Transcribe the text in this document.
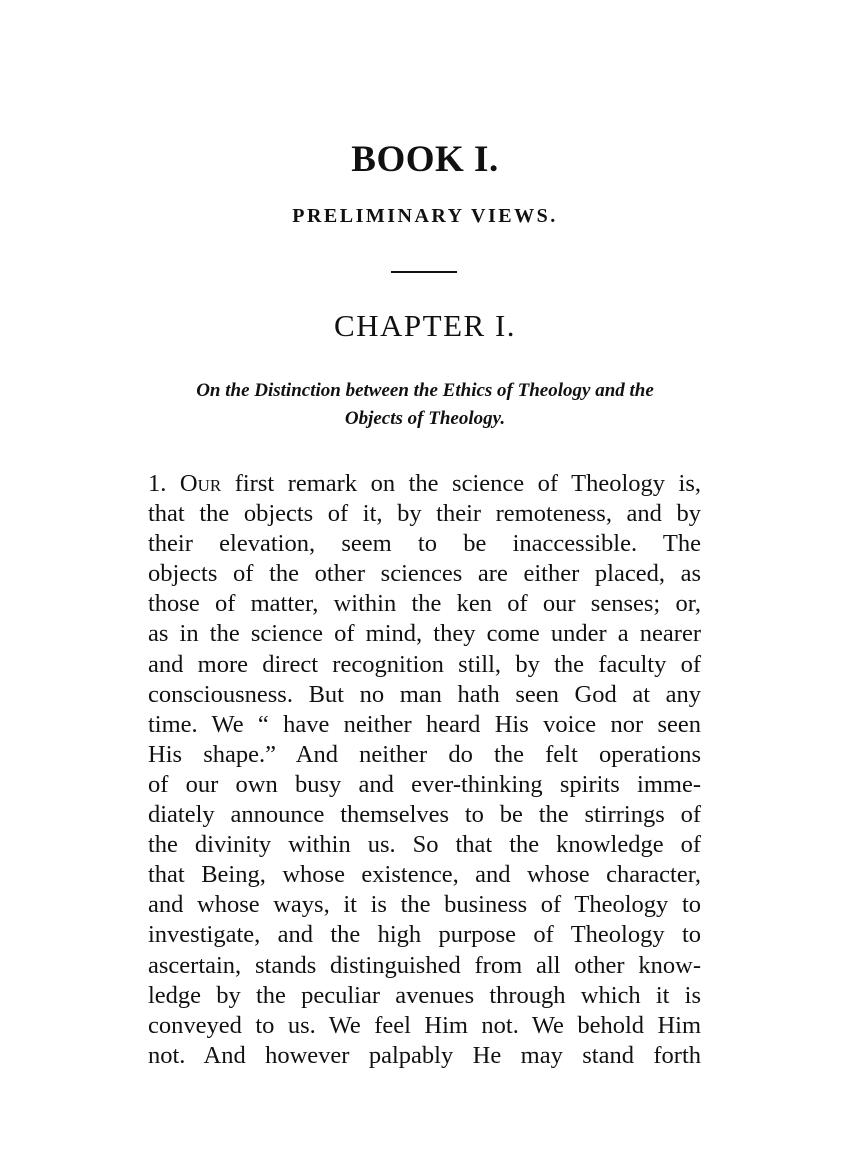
BOOK I.
PRELIMINARY VIEWS.
CHAPTER I.
On the Distinction between the Ethics of Theology and the
Objects of Theology.
1. Our first remark on the science of Theology is,
that the objects of it, by their remoteness, and by
their elevation, seem to be inaccessible. The
objects of the other sciences are either placed, as
those of matter, within the ken of our senses; or,
as in the science of mind, they come under a nearer
and more direct recognition still, by the faculty of
consciousness. But no man hath seen God at any
time. We “ have neither heard His voice nor seen
His shape.” And neither do the felt operations
of our own busy and ever-thinking spirits imme-
diately announce themselves to be the stirrings of
the divinity within us. So that the knowledge of
that Being, whose existence, and whose character,
and whose ways, it is the business of Theology to
investigate, and the high purpose of Theology to
ascertain, stands distinguished from all other know-
ledge by the peculiar avenues through which it is
conveyed to us. We feel Him not. We behold Him
not. And however palpably He may stand forth
